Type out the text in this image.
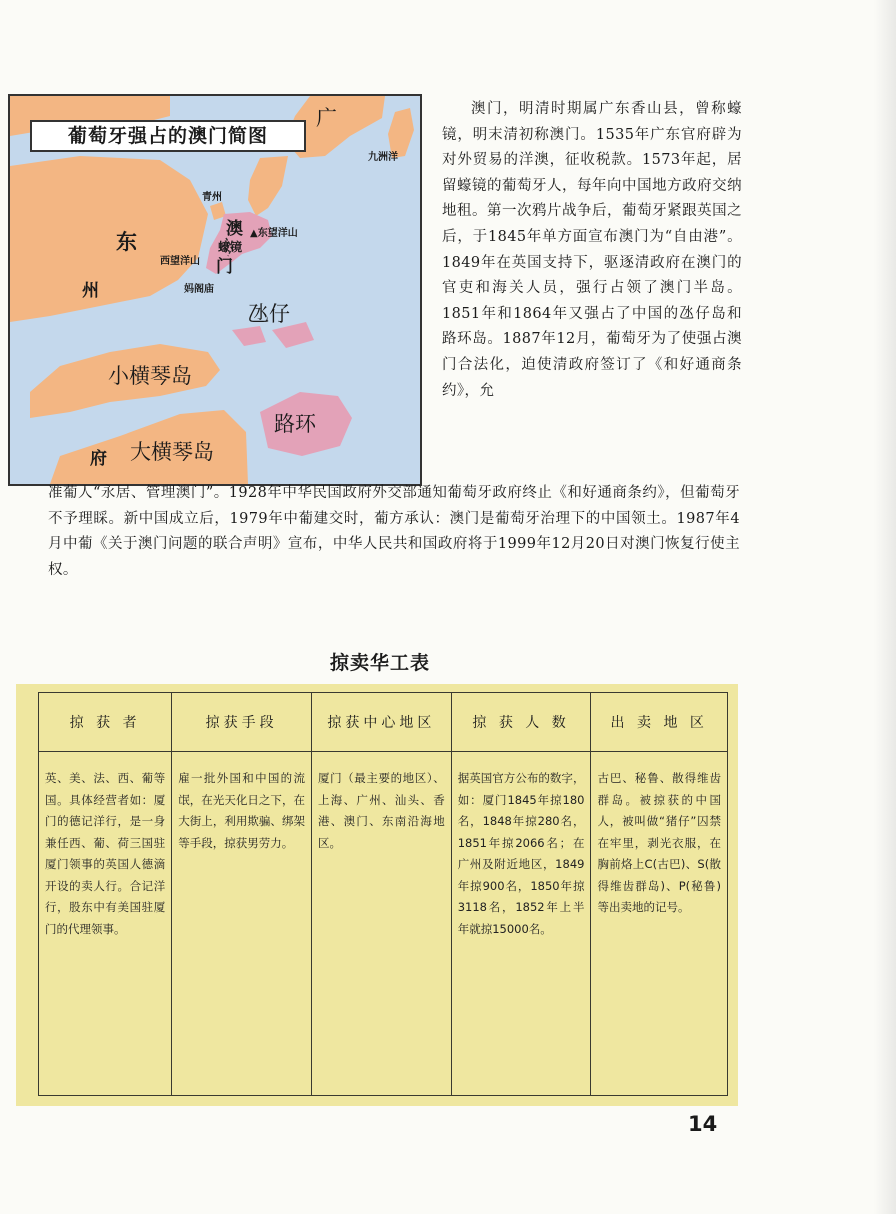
葡萄牙强占的澳门简图
广
九洲洋
青州
澳 ▲东望洋山
蠔镜
西望洋山 门
妈阁庙
东
州
氹仔
小横琴岛
路环
大横琴岛
府
澳门，明清时期属广东香山县，曾称蠔镜，明末清初称澳门。1535年广东官府辟为对外贸易的洋澳，征收税款。1573年起，居留蠔镜的葡萄牙人，每年向中国地方政府交纳地租。第一次鸦片战争后，葡萄牙紧跟英国之后，于1845年单方面宣布澳门为“自由港”。1849年在英国支持下，驱逐清政府在澳门的官吏和海关人员，强行占领了澳门半岛。1851年和1864年又强占了中国的氹仔岛和路环岛。1887年12月，葡萄牙为了使强占澳门合法化，迫使清政府签订了《和好通商条约》，允
准葡人“永居、管理澳门”。1928年中华民国政府外交部通知葡萄牙政府终止《和好通商条约》，但葡萄牙不予理睬。新中国成立后，1979年中葡建交时，葡方承认：澳门是葡萄牙治理下的中国领土。1987年4月中葡《关于澳门问题的联合声明》宣布，中华人民共和国政府将于1999年12月20日对澳门恢复行使主权。
掠卖华工表
掠 获 者	掠获手段	掠获中心地区	掠 获 人 数	出 卖 地 区
英、美、法、西、葡等国。具体经营者如：厦门的德记洋行，是一身兼任西、葡、荷三国驻厦门领事的英国人德滴开设的卖人行。合记洋行，股东中有美国驻厦门的代理领事。	雇一批外国和中国的流氓，在光天化日之下，在大街上，利用欺骗、绑架等手段，掠获男劳力。	厦门（最主要的地区）、上海、广州、汕头、香港、澳门、东南沿海地区。	据英国官方公布的数字，如：厦门1845年掠180名，1848年掠280名，1851年掠2066名；在广州及附近地区，1849年掠900名，1850年掠3118名，1852年上半年就掠15000名。	古巴、秘鲁、散得维齿群岛。被掠获的中国人，被叫做“猪仔”囚禁在牢里，剥光衣服，在胸前烙上C(古巴)、S(散得维齿群岛)、P(秘鲁)等出卖地的记号。
14
